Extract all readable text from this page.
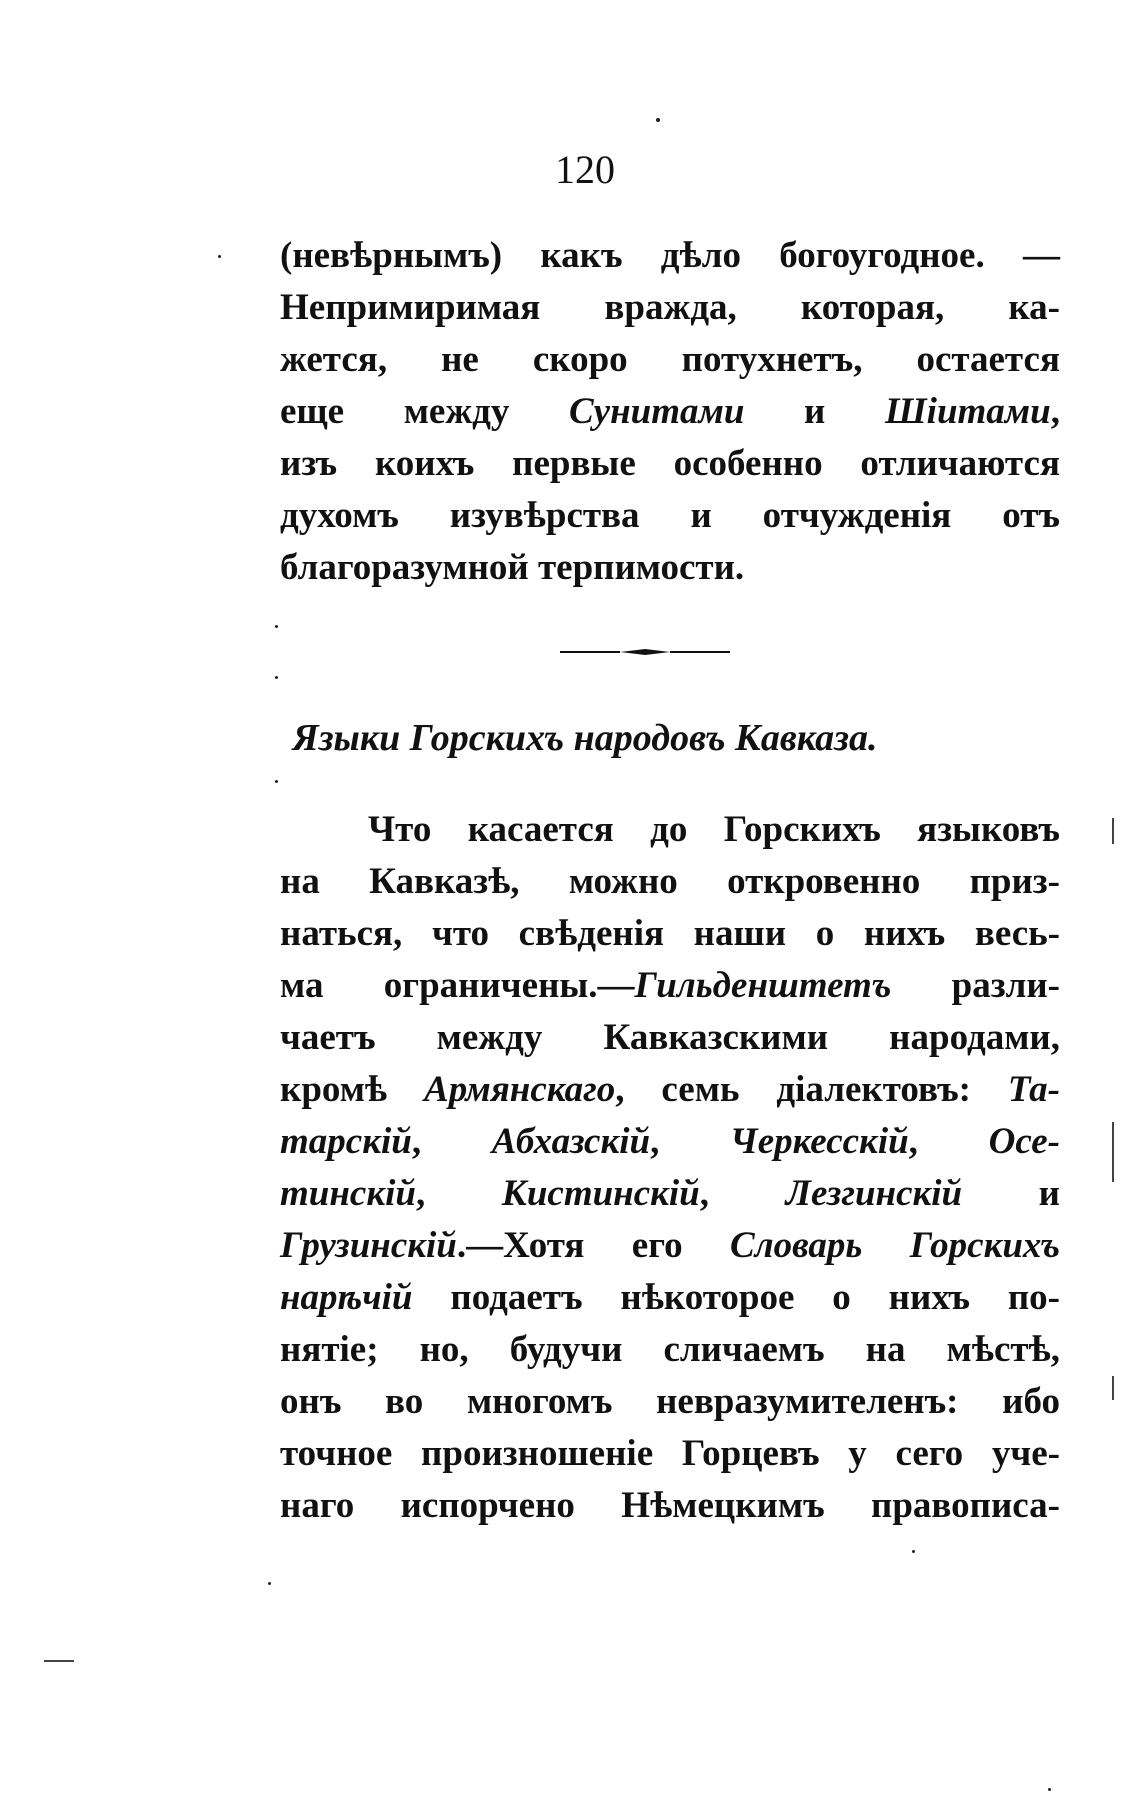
120
(невѣрнымъ) какъ дѣло богоугодное. —
Непримиримая вражда, которая, ка-
жется, не скоро потухнетъ, остается
еще между Сунитами и Шiитами,
изъ коихъ первые особенно отличаются
духомъ изувѣрства и отчужденiя отъ
благоразумной терпимости.
Языки Горскихъ народовъ Кавказа.
Что касается до Горскихъ языковъ
на Кавказѣ, можно откровенно приз-
наться, что свѣденiя наши о нихъ весь-
ма ограничены.—Гильденштетъ разли-
чаетъ между Кавказскими народами,
кромѣ Армянскаго, семь дiалектовъ: Та-
тарскiй, Абхазскiй, Черкесскiй, Осе-
тинскiй, Кистинскiй, Лезгинскiй и
Грузинскiй.—Хотя его Словарь Горскихъ
нарѣчiй подаетъ нѣкоторое о нихъ по-
нятiе; но, будучи сличаемъ на мѣстѣ,
онъ во многомъ невразумителенъ: ибо
точное произношенiе Горцевъ у сего уче-
наго испорчено Нѣмецкимъ правописа-
